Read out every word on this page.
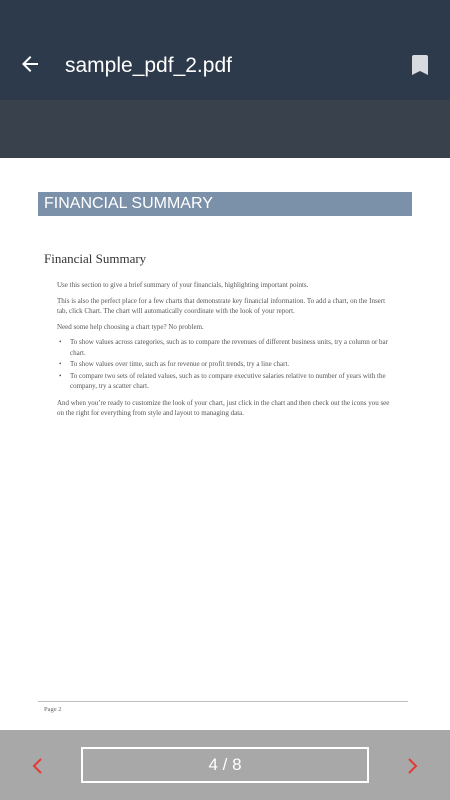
sample_pdf_2.pdf
FINANCIAL SUMMARY
Financial Summary

Use this section to give a brief summary of your financials, highlighting important points.

This is also the perfect place for a few charts that demonstrate key financial information. To add a chart, on the Insert tab, click Chart. The chart will automatically coordinate with the look of your report.

Need some help choosing a chart type? No problem.

• To show values across categories, such as to compare the revenues of different business units, try a column or bar chart.
• To show values over time, such as for revenue or profit trends, try a line chart.
• To compare two sets of related values, such as to compare executive salaries relative to number of years with the company, try a scatter chart.

And when you’re ready to customize the look of your chart, just click in the chart and then check out the icons you see on the right for everything from style and layout to managing data.

Page 2
4 / 8
